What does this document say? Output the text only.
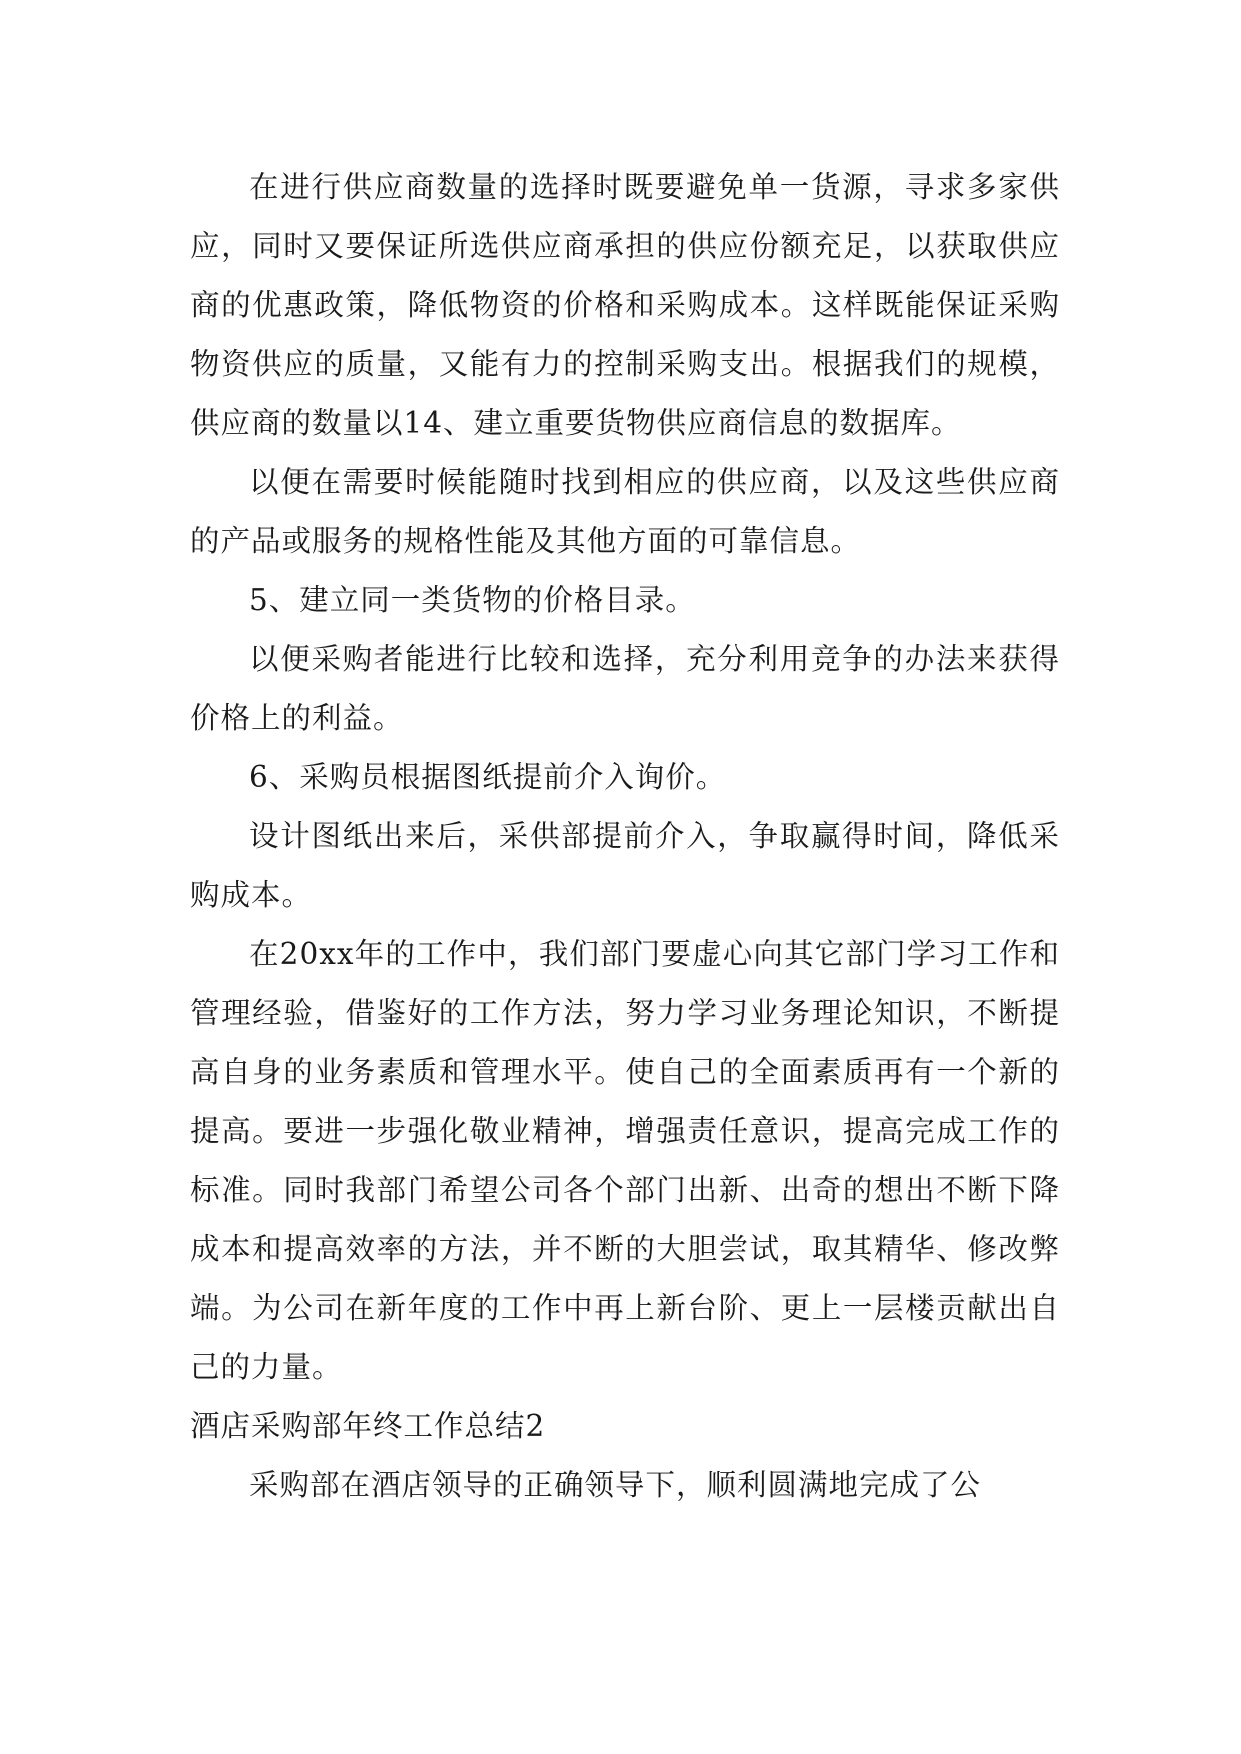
在进行供应商数量的选择时既要避免单一货源，寻求多家供应，同时又要保证所选供应商承担的供应份额充足，以获取供应商的优惠政策，降低物资的价格和采购成本。这样既能保证采购物资供应的质量，又能有力的控制采购支出。根据我们的规模，供应商的数量以14、建立重要货物供应商信息的数据库。

以便在需要时候能随时找到相应的供应商，以及这些供应商的产品或服务的规格性能及其他方面的可靠信息。

5、建立同一类货物的价格目录。

以便采购者能进行比较和选择，充分利用竞争的办法来获得价格上的利益。

6、采购员根据图纸提前介入询价。

设计图纸出来后，采供部提前介入，争取赢得时间，降低采购成本。

在20xx年的工作中，我们部门要虚心向其它部门学习工作和管理经验，借鉴好的工作方法，努力学习业务理论知识，不断提高自身的业务素质和管理水平。使自己的全面素质再有一个新的提高。要进一步强化敬业精神，增强责任意识，提高完成工作的标准。同时我部门希望公司各个部门出新、出奇的想出不断下降成本和提高效率的方法，并不断的大胆尝试，取其精华、修改弊端。为公司在新年度的工作中再上新台阶、更上一层楼贡献出自己的力量。

酒店采购部年终工作总结2

采购部在酒店领导的正确领导下，顺利圆满地完成了公
